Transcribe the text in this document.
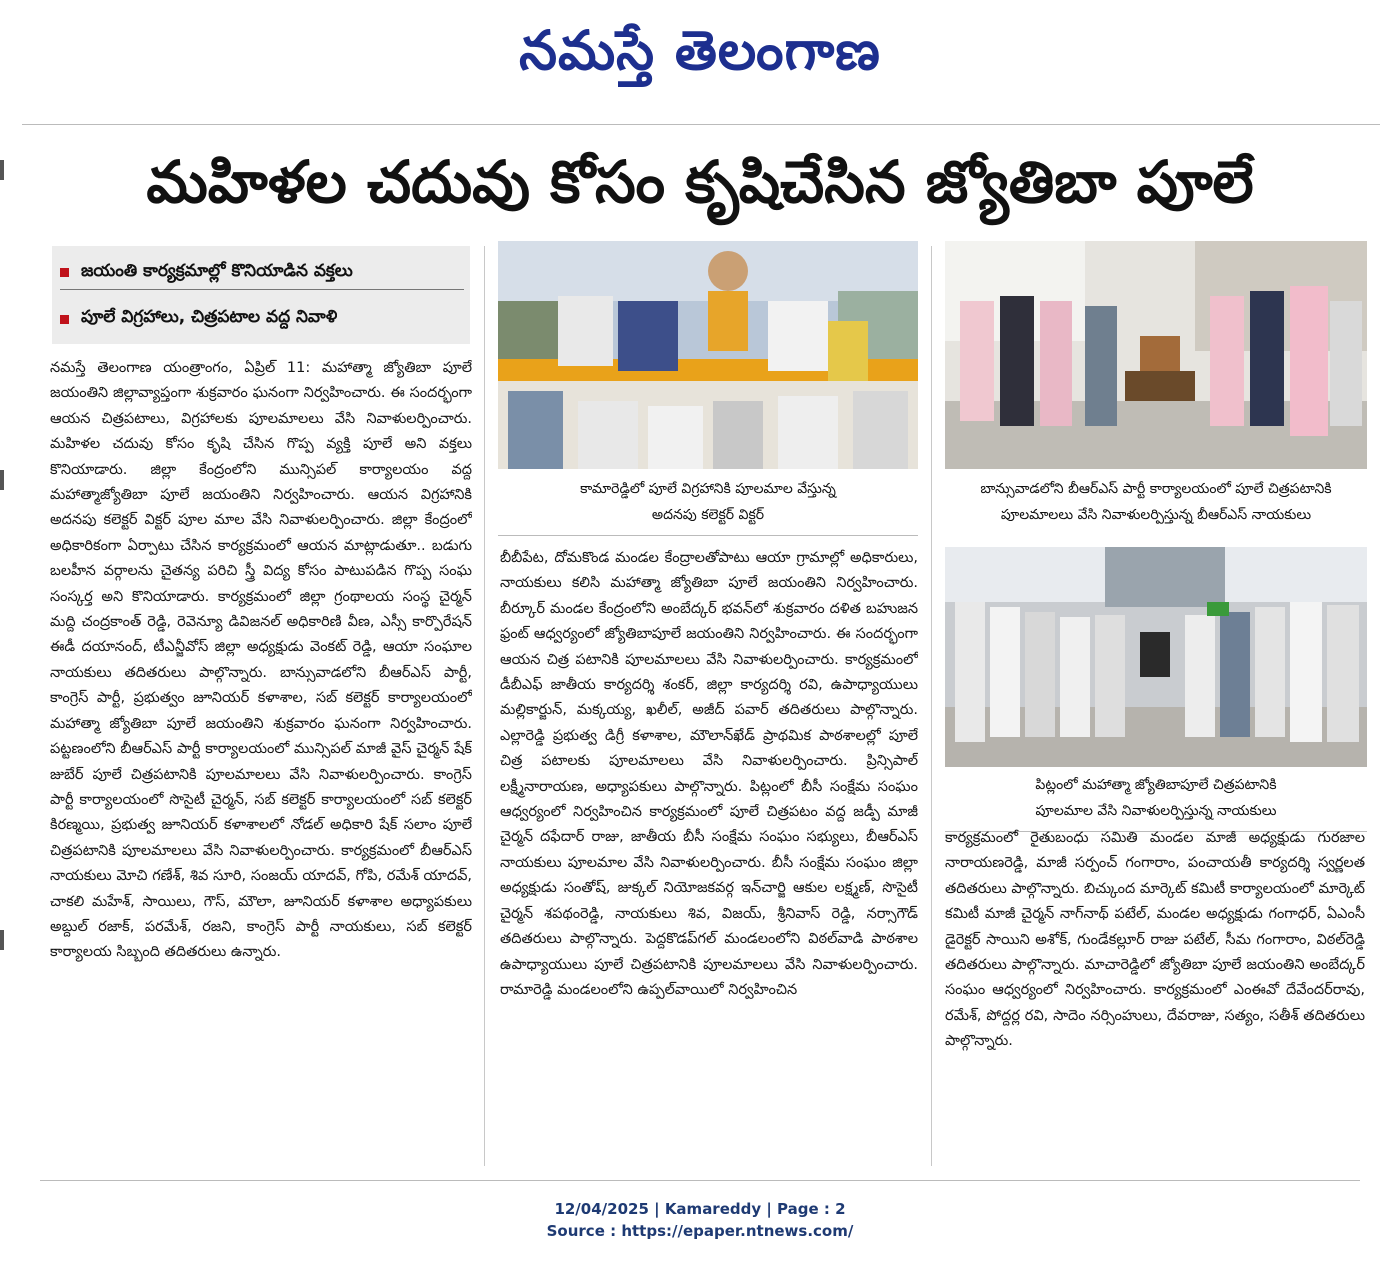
నమస్తే తెలంగాణ
మహిళల చదువు కోసం కృషిచేసిన జ్యోతిబా పూలే
జయంతి కార్యక్రమాల్లో కొనియాడిన వక్తలు
పూలే విగ్రహాలు, చిత్రపటాల వద్ద నివాళి
నమస్తే తెలంగాణ యంత్రాంగం, ఏప్రిల్ 11: మహాత్మా జ్యోతిబా పూలే జయంతిని జిల్లావ్యాప్తంగా శుక్రవారం ఘనంగా నిర్వహించారు. ఈ సందర్భంగా ఆయన చిత్రపటాలు, విగ్రహాలకు పూలమాలలు వేసి నివాళులర్పించారు. మహిళల చదువు కోసం కృషి చేసిన గొప్ప వ్యక్తి పూలే అని వక్తలు కొనియాడారు. జిల్లా కేంద్రంలోని మున్సిపల్ కార్యాలయం వద్ద మహాత్మాజ్యోతిబా పూలే జయంతిని నిర్వహించారు. ఆయన విగ్రహానికి అదనపు కలెక్టర్ విక్టర్ పూల మాల వేసి నివాళులర్పించారు. జిల్లా కేంద్రంలో అధికారికంగా ఏర్పాటు చేసిన కార్యక్రమంలో ఆయన మాట్లాడుతూ.. బడుగు బలహీన వర్గాలను చైతన్య పరిచి స్త్రీ విద్య కోసం పాటుపడిన గొప్ప సంఘ సంస్కర్త అని కొనియాడారు. కార్యక్రమంలో జిల్లా గ్రంథాలయ సంస్థ చైర్మన్ మద్ది చంద్రకాంత్ రెడ్డి, రెవెన్యూ డివిజనల్ అధికారిణి వీణ, ఎస్సీ కార్పొరేషన్ ఈడీ దయానంద్, టీఎన్జీవోస్ జిల్లా అధ్యక్షుడు వెంకట్ రెడ్డి, ఆయా సంఘాల నాయకులు తదితరులు పాల్గొన్నారు. బాన్సువాడలోని బీఆర్ఎస్ పార్టీ, కాంగ్రెస్ పార్టీ, ప్రభుత్వం జూనియర్ కళాశాల, సబ్ కలెక్టర్ కార్యాలయంలో మహాత్మా జ్యోతిబా పూలే జయంతిని శుక్రవారం ఘనంగా నిర్వహించారు. పట్టణంలోని బీఆర్ఎస్ పార్టీ కార్యాలయంలో మున్సిపల్ మాజీ వైస్ చైర్మన్ షేక్ జుబేర్ పూలే చిత్రపటానికి పూలమాలలు వేసి నివాళులర్పించారు. కాంగ్రెస్ పార్టీ కార్యాలయంలో సొసైటీ చైర్మన్, సబ్ కలెక్టర్ కార్యాలయంలో సబ్ కలెక్టర్ కిరణ్మయి, ప్రభుత్వ జూనియర్ కళాశాలలో నోడల్ అధికారి షేక్ సలాం పూలే చిత్రపటానికి పూలమాలలు వేసి నివాళులర్పించారు. కార్యక్రమంలో బీఆర్ఎస్ నాయకులు మోచి గణేశ్, శివ సూరి, సంజయ్ యాదవ్, గోపి, రమేశ్ యాదవ్, చాకలి మహేశ్, సాయిలు, గౌస్, మౌలా, జూనియర్ కళాశాల అధ్యాపకులు అబ్దుల్ రజాక్, పరమేశ్, రజని, కాంగ్రెస్ పార్టీ నాయకులు, సబ్ కలెక్టర్ కార్యాలయ సిబ్బంది తదితరులు ఉన్నారు.
కామారెడ్డిలో పూలే విగ్రహానికి పూలమాల వేస్తున్న
అదనపు కలెక్టర్ విక్టర్
బాన్సువాడలోని బీఆర్ఎస్ పార్టీ కార్యాలయంలో పూలే చిత్రపటానికి
పూలమాలలు వేసి నివాళులర్పిస్తున్న బీఆర్ఎస్ నాయకులు
పిట్లంలో మహాత్మా జ్యోతిబాపూలే చిత్రపటానికి
పూలమాల వేసి నివాళులర్పిస్తున్న నాయకులు
బీబీపేట, దోమకొండ మండల కేంద్రాలతోపాటు ఆయా గ్రామాల్లో అధికారులు, నాయకులు కలిసి మహాత్మా జ్యోతిబా పూలే జయంతిని నిర్వహించారు. బీర్కూర్ మండల కేంద్రంలోని అంబేద్కర్ భవన్‌లో శుక్రవారం దళిత బహుజన ఫ్రంట్ ఆధ్వర్యంలో జ్యోతిబాపూలే జయంతిని నిర్వహించారు. ఈ సందర్భంగా ఆయన చిత్ర పటానికి పూలమాలలు వేసి నివాళులర్పించారు. కార్యక్రమంలో డీబీఎఫ్ జాతీయ కార్యదర్శి శంకర్, జిల్లా కార్యదర్శి రవి, ఉపాధ్యాయులు మల్లికార్జున్, మక్కయ్య, ఖలీల్, అజీద్ పవార్ తదితరులు పాల్గొన్నారు. ఎల్లారెడ్డి ప్రభుత్వ డిగ్రీ కళాశాల, మౌలాన్‌ఖేడ్ ప్రాథమిక పాఠశాలల్లో పూలే చిత్ర పటాలకు పూలమాలలు వేసి నివాళులర్పించారు. ప్రిన్సిపాల్ లక్ష్మీనారాయణ, అధ్యాపకులు పాల్గొన్నారు. పిట్లంలో బీసీ సంక్షేమ సంఘం ఆధ్వర్యంలో నిర్వహించిన కార్యక్రమంలో పూలే చిత్రపటం వద్ద జడ్పీ మాజీ చైర్మన్ దఫేదార్ రాజు, జాతీయ బీసీ సంక్షేమ సంఘం సభ్యులు, బీఆర్ఎస్ నాయకులు పూలమాల వేసి నివాళులర్పించారు. బీసీ సంక్షేమ సంఘం జిల్లా అధ్యక్షుడు సంతోష్, జుక్కల్ నియోజకవర్గ ఇన్‌చార్జి ఆకుల లక్ష్మణ్, సొసైటీ చైర్మన్ శపథంరెడ్డి, నాయకులు శివ, విజయ్, శ్రీనివాస్ రెడ్డి, నర్సాగౌడ్ తదితరులు పాల్గొన్నారు. పెద్దకొడప్‌గల్ మండలంలోని విఠల్‌వాడి పాఠశాల ఉపాధ్యాయులు పూలే చిత్రపటానికి పూలమాలలు వేసి నివాళులర్పించారు. రామారెడ్డి మండలంలోని ఉప్పల్‌వాయిలో నిర్వహించిన
కార్యక్రమంలో రైతుబంధు సమితి మండల మాజీ అధ్యక్షుడు గురజాల నారాయణరెడ్డి, మాజీ సర్పంచ్ గంగారాం, పంచాయతీ కార్యదర్శి స్వర్ణలత తదితరులు పాల్గొన్నారు. బిచ్కుంద మార్కెట్ కమిటీ కార్యాలయంలో మార్కెట్ కమిటీ మాజీ చైర్మన్ నాగ్‌నాథ్ పటేల్, మండల అధ్యక్షుడు గంగాధర్, ఏఎంసీ డైరెక్టర్ సాయిని అశోక్, గుండేకల్లూర్ రాజు పటేల్, సీమ గంగారాం, విఠల్‌రెడ్డి తదితరులు పాల్గొన్నారు. మాచారెడ్డిలో జ్యోతిబా పూలే జయంతిని అంబేద్కర్ సంఘం ఆధ్వర్యంలో నిర్వహించారు. కార్యక్రమంలో ఎంఈవో దేవేందర్‌రావు, రమేశ్, పోద్దర్ల రవి, సాదెం నర్సింహులు, దేవరాజు, సత్యం, సతీశ్ తదితరులు పాల్గొన్నారు.
12/04/2025 | Kamareddy | Page : 2
Source : https://epaper.ntnews.com/
